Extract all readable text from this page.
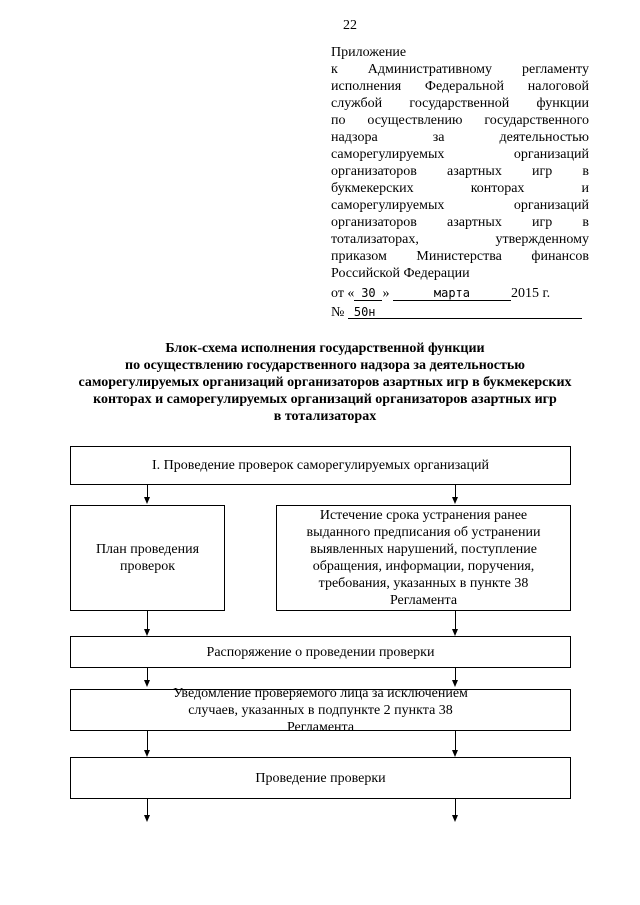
22
Приложение
к Административному регламенту
исполнения Федеральной налоговой
службой государственной функции
по осуществлению государственного
надзора за деятельностью
саморегулируемых организаций
организаторов азартных игр в
букмекерских конторах и
саморегулируемых организаций
организаторов азартных игр в
тотализаторах, утвержденному
приказом Министерства финансов
Российской Федерации
от « 30 »	марта	2015 г.
№ 50н
Блок-схема исполнения государственной функции
по осуществлению государственного надзора за деятельностью
саморегулируемых организаций организаторов азартных игр в букмекерских
конторах и саморегулируемых организаций организаторов азартных игр
в тотализаторах
I. Проведение проверок саморегулируемых организаций
План проведения проверок
Истечение срока устранения ранее выданного предписания об устранении выявленных нарушений, поступление обращения, информации, поручения, требования, указанных в пункте 38 Регламента
Распоряжение о проведении проверки
Уведомление проверяемого лица за исключением случаев, указанных в подпункте 2 пункта 38 Регламента
Проведение проверки
